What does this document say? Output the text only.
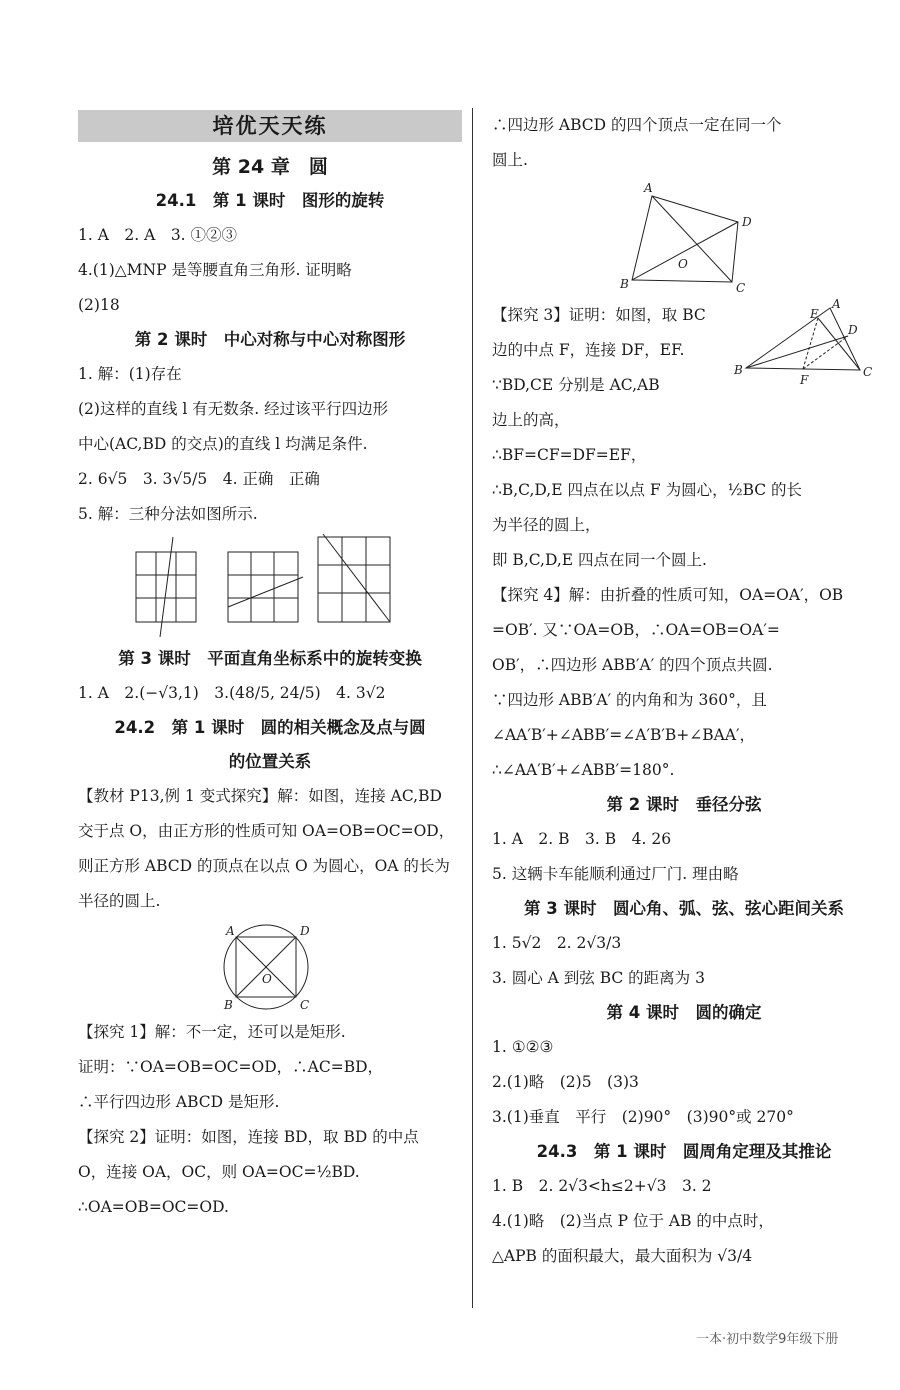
培优天天练
第 24 章　圆
24.1　第 1 课时　图形的旋转
1. A　2. A　3. ①②③
4.(1)△MNP 是等腰直角三角形. 证明略
(2)18
第 2 课时　中心对称与中心对称图形
1. 解：(1)存在
(2)这样的直线 l 有无数条. 经过该平行四边形
中心(AC,BD 的交点)的直线 l 均满足条件.
2. 6√5　3. 3√5/5　4. 正确　正确
5. 解：三种分法如图所示.
第 3 课时　平面直角坐标系中的旋转变换
1. A　2.(−√3,1)　3.(48/5, 24/5)　4. 3√2
24.2　第 1 课时　圆的相关概念及点与圆
的位置关系
【教材 P13,例 1 变式探究】解：如图，连接 AC,BD 交于点 O，由正方形的性质可知 OA=OB=OC=OD，则正方形 ABCD 的顶点在以点 O 为圆心，OA 的长为半径的圆上.
A	D
B	C
O
【探究 1】解：不一定，还可以是矩形.
证明：∵OA=OB=OC=OD，∴AC=BD，
∴平行四边形 ABCD 是矩形.
【探究 2】证明：如图，连接 BD，取 BD 的中点
O，连接 OA，OC，则 OA=OC=½BD.
∴OA=OB=OC=OD.
∴四边形 ABCD 的四个顶点一定在同一个
圆上.
A
D
B	C
O
【探究 3】证明：如图，取 BC
边的中点 F，连接 DF，EF.
∵BD,CE 分别是 AC,AB
边上的高，
A
E
D
B	C
F
∴BF=CF=DF=EF，
∴B,C,D,E 四点在以点 F 为圆心，½BC 的长
为半径的圆上，
即 B,C,D,E 四点在同一个圆上.
【探究 4】解：由折叠的性质可知，OA=OA′，OB
=OB′. 又∵OA=OB，∴OA=OB=OA′=
OB′，∴四边形 ABB′A′ 的四个顶点共圆.
∵四边形 ABB′A′ 的内角和为 360°，且
∠AA′B′+∠ABB′=∠A′B′B+∠BAA′，
∴∠AA′B′+∠ABB′=180°.
第 2 课时　垂径分弦
1. A　2. B　3. B　4. 26
5. 这辆卡车能顺利通过厂门. 理由略
第 3 课时　圆心角、弧、弦、弦心距间关系
1. 5√2　2. 2√3/3
3. 圆心 A 到弦 BC 的距离为 3
第 4 课时　圆的确定
1. ①②③
2.(1)略　(2)5　(3)3
3.(1)垂直　平行　(2)90°　(3)90°或 270°
24.3　第 1 课时　圆周角定理及其推论
1. B　2. 2√3<h≤2+√3　3. 2
4.(1)略　(2)当点 P 位于 AB 的中点时，
△APB 的面积最大，最大面积为 √3/4
一本·初中数学9年级下册
